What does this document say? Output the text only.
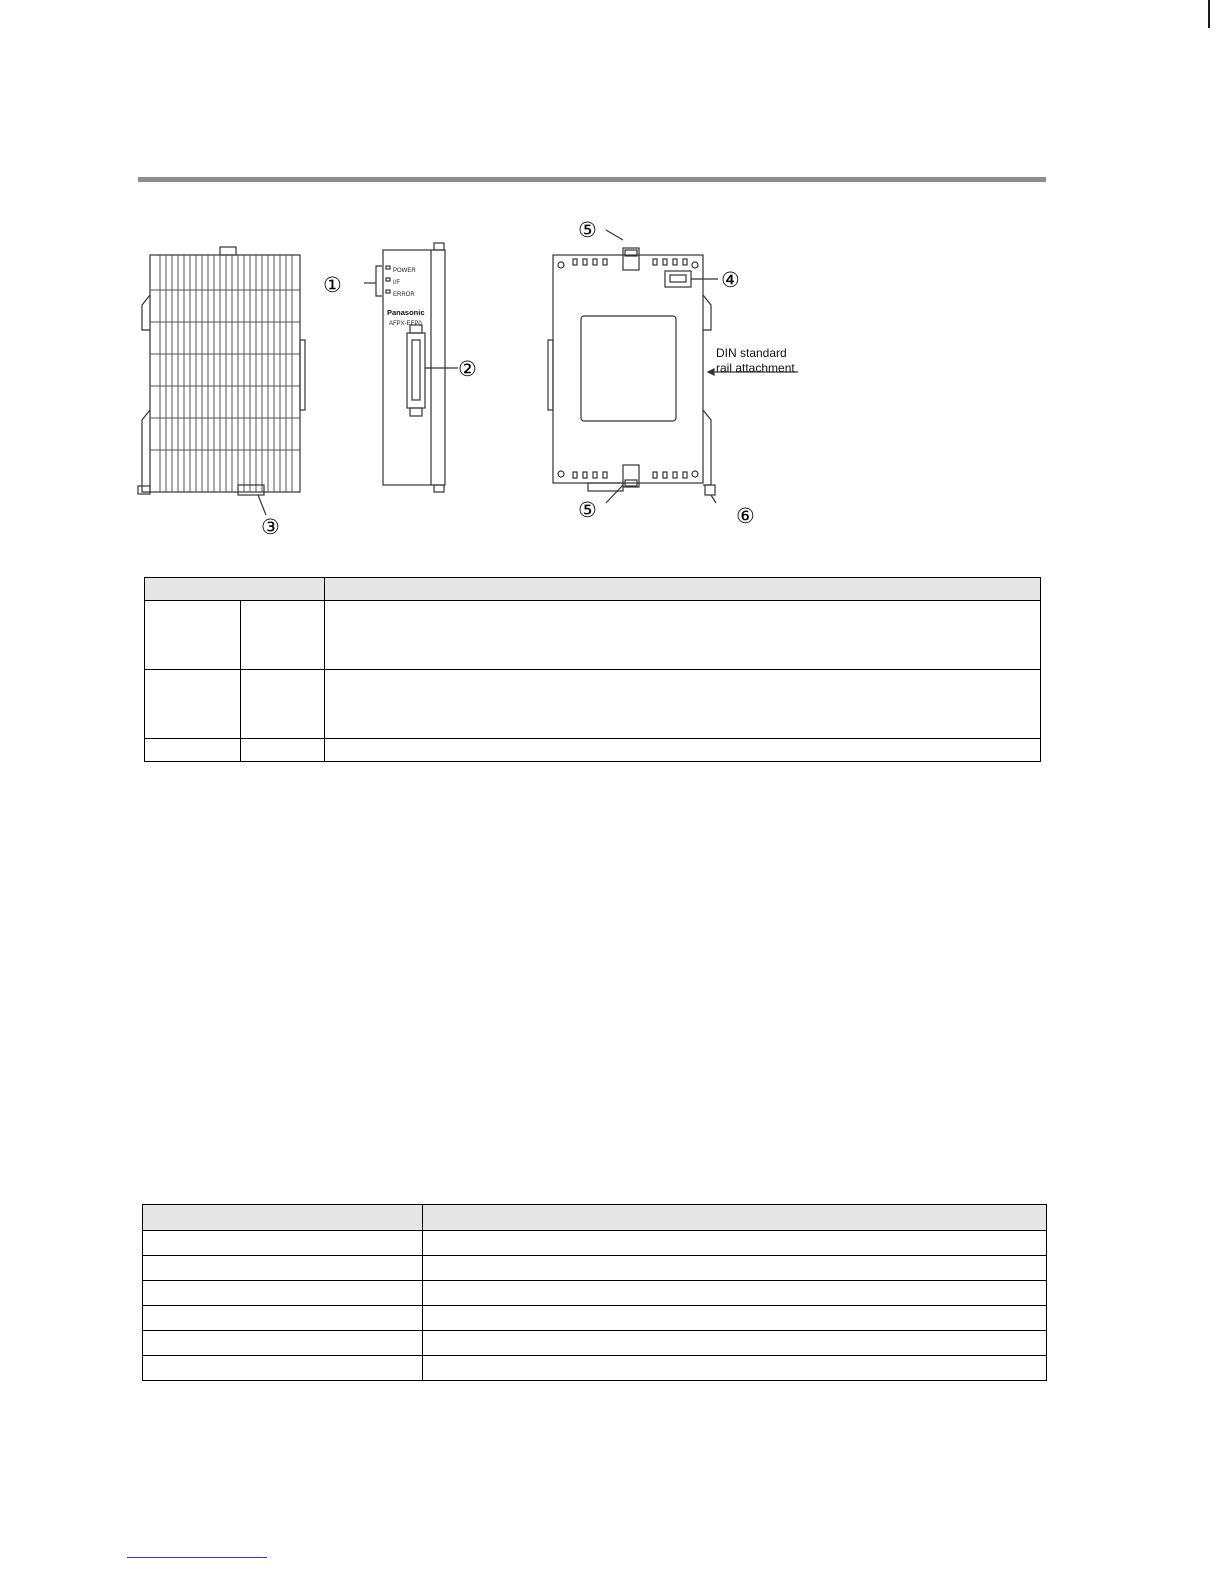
POWER
I/F
ERROR
Panasonic
AFPX-EFP0
①
②
③
④
⑤
⑤	⑥
DIN standard
rail attachment
